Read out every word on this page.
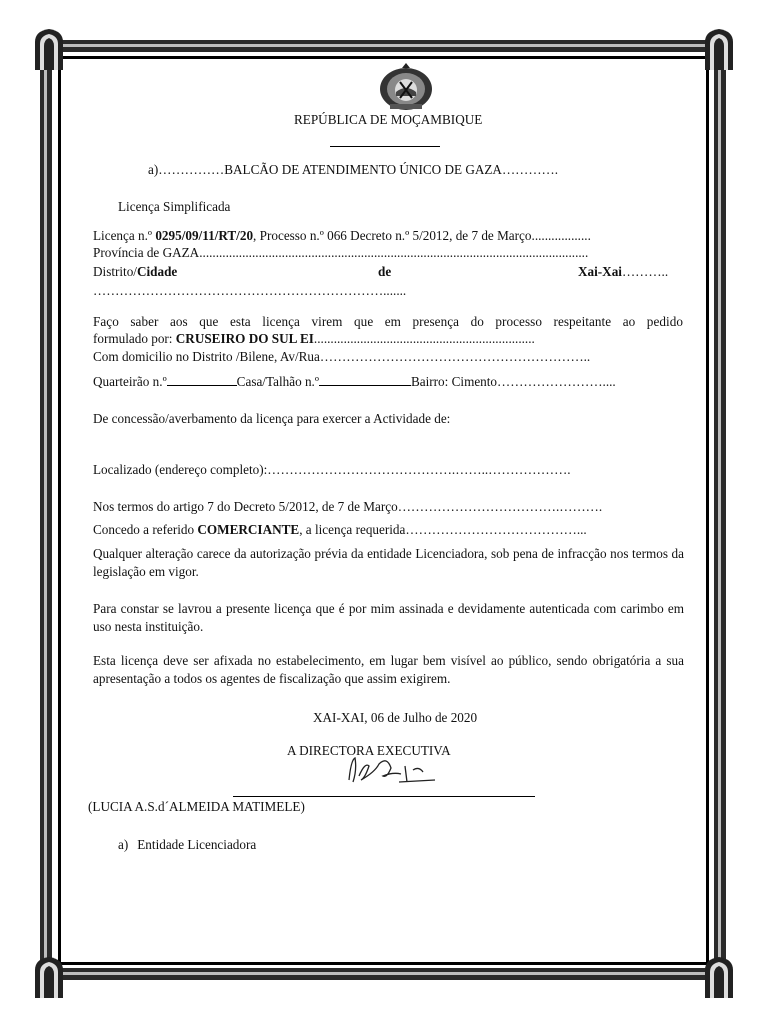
REPÚBLICA DE MOÇAMBIQUE
a)……………BALCÃO DE ATENDIMENTO ÚNICO DE GAZA………….
Licença Simplificada
Licença n.º 0295/09/11/RT/20, Processo n.º 066 Decreto n.º 5/2012, de 7 de Março..................
Província de GAZA......................................................................................................................
Distrito/Cidade	de	Xai-Xai………..
………………………………………………………….......
Faço saber aos que esta licença virem que em presença do processo respeitante ao pedido
formulado por: CRUSEIRO DO SUL EI...................................................................
Com domicilio no Distrito /Bilene, Av/Rua……………………………………………………..
Quarteirão n.º	Casa/Talhão n.º	Bairro: Cimento……………………....
De concessão/averbamento da licença para exercer a Actividade de:
Localizado (endereço completo):…………………………………….……..……………….
Nos termos do artigo 7 do Decreto 5/2012, de 7 de Março……………………………….……….
Concedo a referido COMERCIANTE, a licença requerida…………………………………...
Qualquer alteração carece da autorização prévia da entidade Licenciadora, sob pena de infracção nos termos da legislação em vigor.
Para constar se lavrou a presente licença que é por mim assinada e devidamente autenticada com carimbo em uso nesta instituição.
Esta licença deve ser afixada no estabelecimento, em lugar bem visível ao público, sendo obrigatória a sua apresentação a todos os agentes de fiscalização que assim exigirem.
XAI-XAI, 06 de Julho de 2020
A DIRECTORA EXECUTIVA
(LUCIA A.S.d´ALMEIDA MATIMELE)
a) Entidade Licenciadora
